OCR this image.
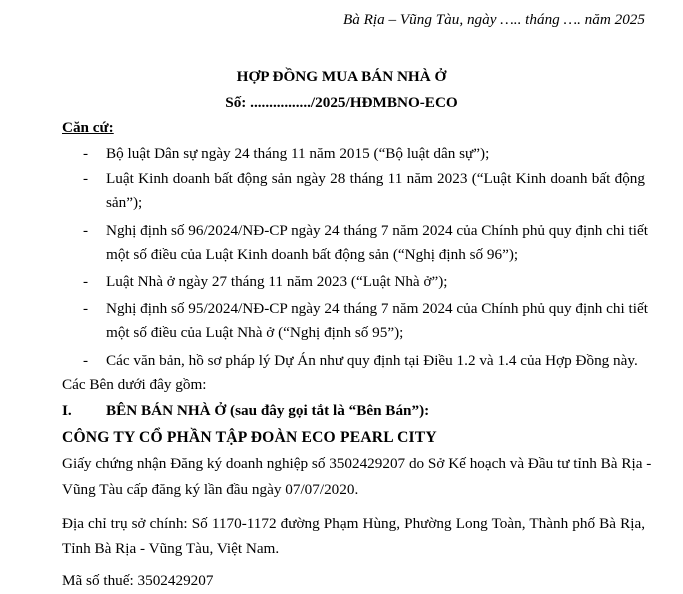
Bà Rịa – Vũng Tàu, ngày ….. tháng …. năm 2025
HỢP ĐỒNG MUA BÁN NHÀ Ở
Số: ................/2025/HĐMBNO-ECO
Căn cứ:
- Bộ luật Dân sự ngày 24 tháng 11 năm 2015 (“Bộ luật dân sự”);
- Luật Kinh doanh bất động sản ngày 28 tháng 11 năm 2023 (“Luật Kinh doanh bất động
sản”);
- Nghị định số 96/2024/NĐ-CP ngày 24 tháng 7 năm 2024 của Chính phủ quy định chi tiết
một số điều của Luật Kinh doanh bất động sản (“Nghị định số 96”);
- Luật Nhà ở ngày 27 tháng 11 năm 2023 (“Luật Nhà ở”);
- Nghị định số 95/2024/NĐ-CP ngày 24 tháng 7 năm 2024 của Chính phủ quy định chi tiết
một số điều của Luật Nhà ở (“Nghị định số 95”);
- Các văn bản, hồ sơ pháp lý Dự Án như quy định tại Điều 1.2 và 1.4 của Hợp Đồng này.
Các Bên dưới đây gồm:
I. BÊN BÁN NHÀ Ở (sau đây gọi tắt là “Bên Bán”):
CÔNG TY CỔ PHẦN TẬP ĐOÀN ECO PEARL CITY
Giấy chứng nhận Đăng ký doanh nghiệp số 3502429207 do Sở Kế hoạch và Đầu tư tỉnh Bà Rịa -
Vũng Tàu cấp đăng ký lần đầu ngày 07/07/2020.
Địa chỉ trụ sở chính: Số 1170-1172 đường Phạm Hùng, Phường Long Toàn, Thành phố Bà Rịa,
Tỉnh Bà Rịa - Vũng Tàu, Việt Nam.
Mã số thuế: 3502429207
